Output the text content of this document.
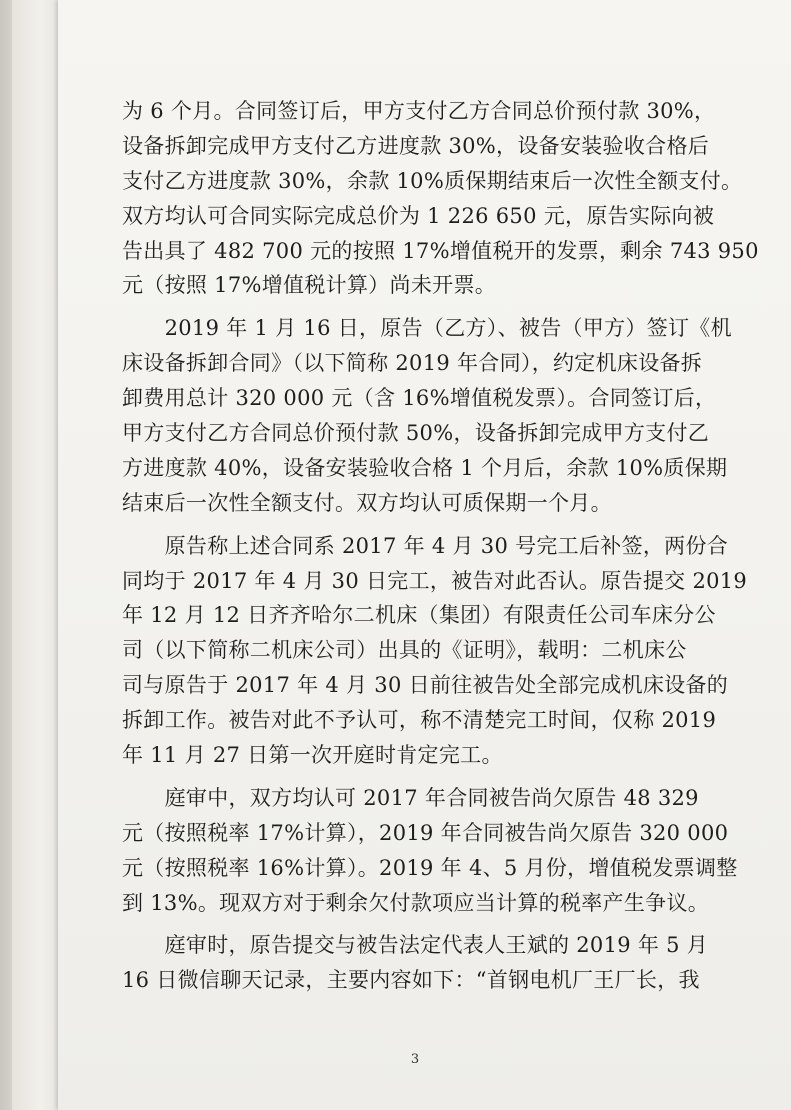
为 6 个月。合同签订后，甲方支付乙方合同总价预付款 30%，
设备拆卸完成甲方支付乙方进度款 30%，设备安装验收合格后
支付乙方进度款 30%，余款 10%质保期结束后一次性全额支付。
双方均认可合同实际完成总价为 1 226 650 元，原告实际向被
告出具了 482 700 元的按照 17%增值税开的发票，剩余 743 950
元（按照 17%增值税计算）尚未开票。
　　2019 年 1 月 16 日，原告（乙方）、被告（甲方）签订《机
床设备拆卸合同》（以下简称 2019 年合同），约定机床设备拆
卸费用总计 320 000 元（含 16%增值税发票）。合同签订后，
甲方支付乙方合同总价预付款 50%，设备拆卸完成甲方支付乙
方进度款 40%，设备安装验收合格 1 个月后，余款 10%质保期
结束后一次性全额支付。双方均认可质保期一个月。
　　原告称上述合同系 2017 年 4 月 30 号完工后补签，两份合
同均于 2017 年 4 月 30 日完工，被告对此否认。原告提交 2019
年 12 月 12 日齐齐哈尔二机床（集团）有限责任公司车床分公
司（以下简称二机床公司）出具的《证明》，载明：二机床公
司与原告于 2017 年 4 月 30 日前往被告处全部完成机床设备的
拆卸工作。被告对此不予认可，称不清楚完工时间，仅称 2019
年 11 月 27 日第一次开庭时肯定完工。
　　庭审中，双方均认可 2017 年合同被告尚欠原告 48 329
元（按照税率 17%计算），2019 年合同被告尚欠原告 320 000
元（按照税率 16%计算）。2019 年 4、5 月份，增值税发票调整
到 13%。现双方对于剩余欠付款项应当计算的税率产生争议。
　　庭审时，原告提交与被告法定代表人王斌的 2019 年 5 月
16 日微信聊天记录，主要内容如下：“首钢电机厂王厂长，我
3
